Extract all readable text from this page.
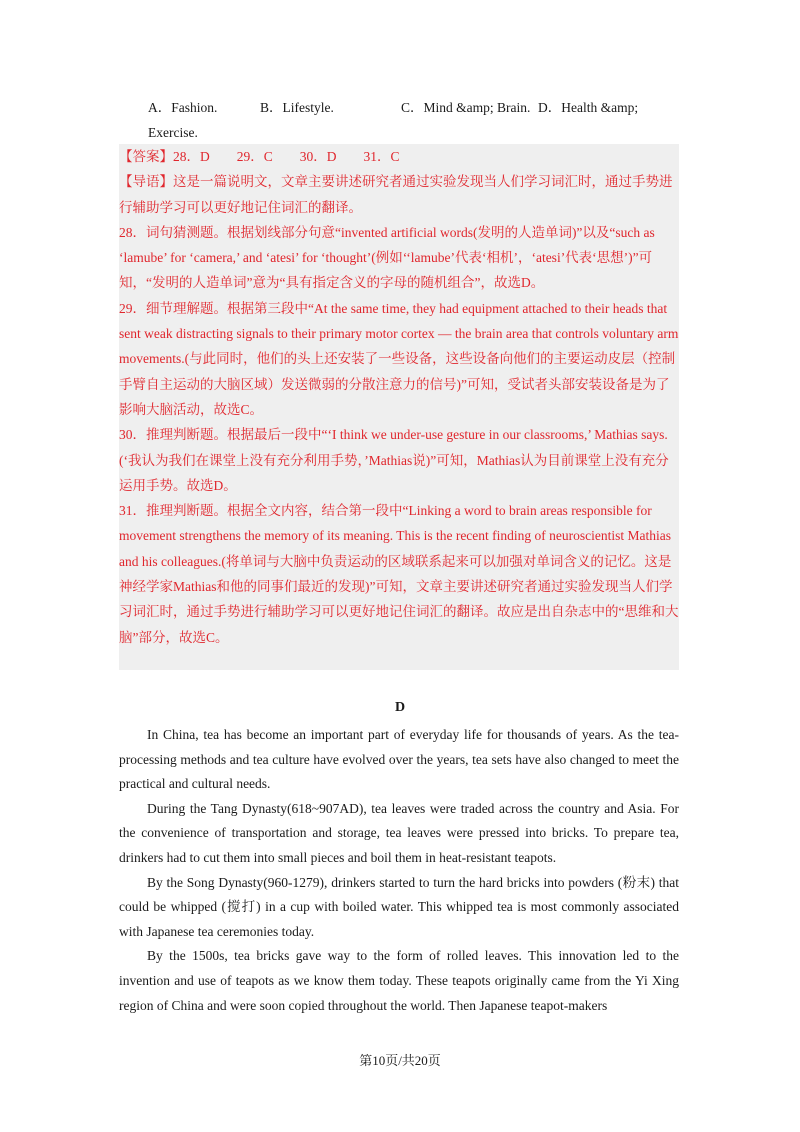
A．Fashion.	B．Lifestyle.	C．Mind &amp; Brain. D．Health &amp;
Exercise.

【答案】28．D　　29．C　　30．D　　31．C

【导语】这是一篇说明文，文章主要讲述研究者通过实验发现当人们学习词汇时，通过手势进行辅助学习可以更好地记住词汇的翻译。

28．词句猜测题。根据划线部分句意“invented artificial words(发明的人造单词)”以及“such as ‘lamube’ for ‘camera,’ and ‘atesi’ for ‘thought’(例如‘‘lamube’代表‘相机’，‘atesi’代表‘思想’)”可知，“发明的人造单词”意为“具有指定含义的字母的随机组合”，故选D。

29．细节理解题。根据第三段中“At the same time, they had equipment attached to their heads that sent weak distracting signals to their primary motor cortex — the brain area that controls voluntary arm movements.(与此同时，他们的头上还安装了一些设备，这些设备向他们的主要运动皮层（控制手臂自主运动的大脑区域）发送微弱的分散注意力的信号)”可知，受试者头部安装设备是为了影响大脑活动，故选C。

30．推理判断题。根据最后一段中“‘I think we under-use gesture in our classrooms,’ Mathias says.(‘我认为我们在课堂上没有充分利用手势，’Mathias说)”可知，Mathias认为目前课堂上没有充分运用手势。故选D。

31．推理判断题。根据全文内容，结合第一段中“Linking a word to brain areas responsible for movement strengthens the memory of its meaning. This is the recent finding of neuroscientist Mathias and his colleagues.(将单词与大脑中负责运动的区域联系起来可以加强对单词含义的记忆。这是神经学家Mathias和他的同事们最近的发现)”可知，文章主要讲述研究者通过实验发现当人们学习词汇时，通过手势进行辅助学习可以更好地记住词汇的翻译。故应是出自杂志中的“思维和大脑”部分，故选C。

D

In China, tea has become an important part of everyday life for thousands of years. As the tea-processing methods and tea culture have evolved over the years, tea sets have also changed to meet the practical and cultural needs.

During the Tang Dynasty(618~907AD), tea leaves were traded across the country and Asia. For the convenience of transportation and storage, tea leaves were pressed into bricks. To prepare tea, drinkers had to cut them into small pieces and boil them in heat-resistant teapots.

By the Song Dynasty(960-1279), drinkers started to turn the hard bricks into powders (粉末) that could be whipped (搅打) in a cup with boiled water. This whipped tea is most commonly associated with Japanese tea ceremonies today.

By the 1500s, tea bricks gave way to the form of rolled leaves. This innovation led to the invention and use of teapots as we know them today. These teapots originally came from the Yi Xing region of China and were soon copied throughout the world. Then Japanese teapot-makers

第10页/共20页
